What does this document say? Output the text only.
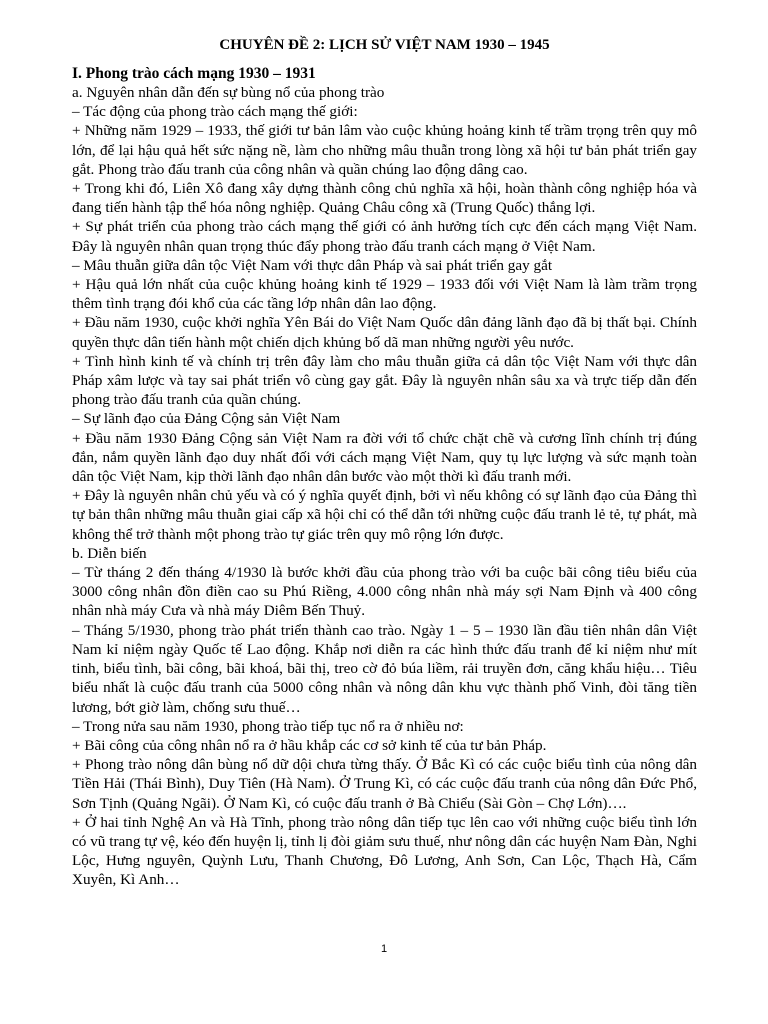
CHUYÊN ĐỀ 2: LỊCH SỬ VIỆT NAM 1930 – 1945
I. Phong trào cách mạng 1930 – 1931
a. Nguyên nhân dẫn đến sự bùng nổ của phong trào
– Tác động của phong trào cách mạng thế giới:
+ Những năm 1929 – 1933, thế giới tư bản lâm vào cuộc khủng hoảng kinh tế trầm trọng trên quy mô lớn, để lại hậu quả hết sức nặng nề, làm cho những mâu thuẫn trong lòng xã hội tư bản phát triển gay gắt. Phong trào đấu tranh của công nhân và quần chúng lao động dâng cao.
+ Trong khi đó, Liên Xô đang xây dựng thành công chủ nghĩa xã hội, hoàn thành công nghiệp hóa và đang tiến hành tập thể hóa nông nghiệp. Quảng Châu công xã (Trung Quốc) thắng lợi.
+ Sự phát triển của phong trào cách mạng thế giới có ảnh hưởng tích cực đến cách mạng Việt Nam. Đây là nguyên nhân quan trọng thúc đẩy phong trào đấu tranh cách mạng ở Việt Nam.
– Mâu thuẫn giữa dân tộc Việt Nam với thực dân Pháp và sai phát triển gay gắt
+ Hậu quả lớn nhất của cuộc khủng hoảng kinh tế 1929 – 1933 đối với Việt Nam là làm trầm trọng thêm tình trạng đói khổ của các tầng lớp nhân dân lao động.
+ Đầu năm 1930, cuộc khởi nghĩa Yên Bái do Việt Nam Quốc dân đảng lãnh đạo đã bị thất bại. Chính quyền thực dân tiến hành một chiến dịch khủng bố dã man những người yêu nước.
+ Tình hình kinh tế và chính trị trên đây làm cho mâu thuẫn giữa cả dân tộc Việt Nam với thực dân Pháp xâm lược và tay sai phát triển vô cùng gay gắt. Đây là nguyên nhân sâu xa và trực tiếp dẫn đến phong trào đấu tranh của quần chúng.
– Sự lãnh đạo của Đảng Cộng sản Việt Nam
+ Đầu năm 1930 Đảng Cộng sản Việt Nam ra đời với tổ chức chặt chẽ và cương lĩnh chính trị đúng đắn, nắm quyền lãnh đạo duy nhất đối với cách mạng Việt Nam, quy tụ lực lượng và sức mạnh toàn dân tộc Việt Nam, kịp thời lãnh đạo nhân dân bước vào một thời kì đấu tranh mới.
+ Đây là nguyên nhân chủ yếu và có ý nghĩa quyết định, bởi vì nếu không có sự lãnh đạo của Đảng thì tự bản thân những mâu thuẫn giai cấp xã hội chỉ có thể dẫn tới những cuộc đấu tranh lẻ tẻ, tự phát, mà không thể trở thành một phong trào tự giác trên quy mô rộng lớn được.
b. Diễn biến
– Từ tháng 2 đến tháng 4/1930 là bước khởi đầu của phong trào với ba cuộc bãi công tiêu biểu của 3000 công nhân đồn điền cao su Phú Riềng, 4.000 công nhân nhà máy sợi Nam Định và 400 công nhân nhà máy Cưa và nhà máy Diêm Bến Thuỷ.
– Tháng 5/1930, phong trào phát triển thành cao trào. Ngày 1 – 5 – 1930 lần đầu tiên nhân dân Việt Nam kỉ niệm ngày Quốc tế Lao động. Khắp nơi diễn ra các hình thức đấu tranh để kỉ niệm như mít tinh, biểu tình, bãi công, bãi khoá, bãi thị, treo cờ đỏ búa liềm, rải truyền đơn, căng khẩu hiệu… Tiêu biểu nhất là cuộc đấu tranh của 5000 công nhân và nông dân khu vực thành phố Vinh, đòi tăng tiền lương, bớt giờ làm, chống sưu thuế…
– Trong nửa sau năm 1930, phong trào tiếp tục nổ ra ở nhiều nơ:
+ Bãi công của công nhân nổ ra ở hầu khắp các cơ sở kinh tế của tư bản Pháp.
+ Phong trào nông dân bùng nổ dữ dội chưa từng thấy. Ở Bắc Kì có các cuộc biểu tình của nông dân Tiền Hải (Thái Bình), Duy Tiên (Hà Nam). Ở Trung Kì, có các cuộc đấu tranh của nông dân Đức Phổ, Sơn Tịnh (Quảng Ngãi). Ở Nam Kì, có cuộc đấu tranh ở Bà Chiểu (Sài Gòn – Chợ Lớn)….
+ Ở hai tỉnh Nghệ An và Hà Tĩnh, phong trào nông dân tiếp tục lên cao với những cuộc biểu tình lớn có vũ trang tự vệ, kéo đến huyện lị, tỉnh lị đòi giảm sưu thuế, như nông dân các huyện Nam Đàn, Nghi Lộc, Hưng nguyên, Quỳnh Lưu, Thanh Chương, Đô Lương, Anh Sơn, Can Lộc, Thạch Hà, Cẩm Xuyên, Kì Anh…
1
